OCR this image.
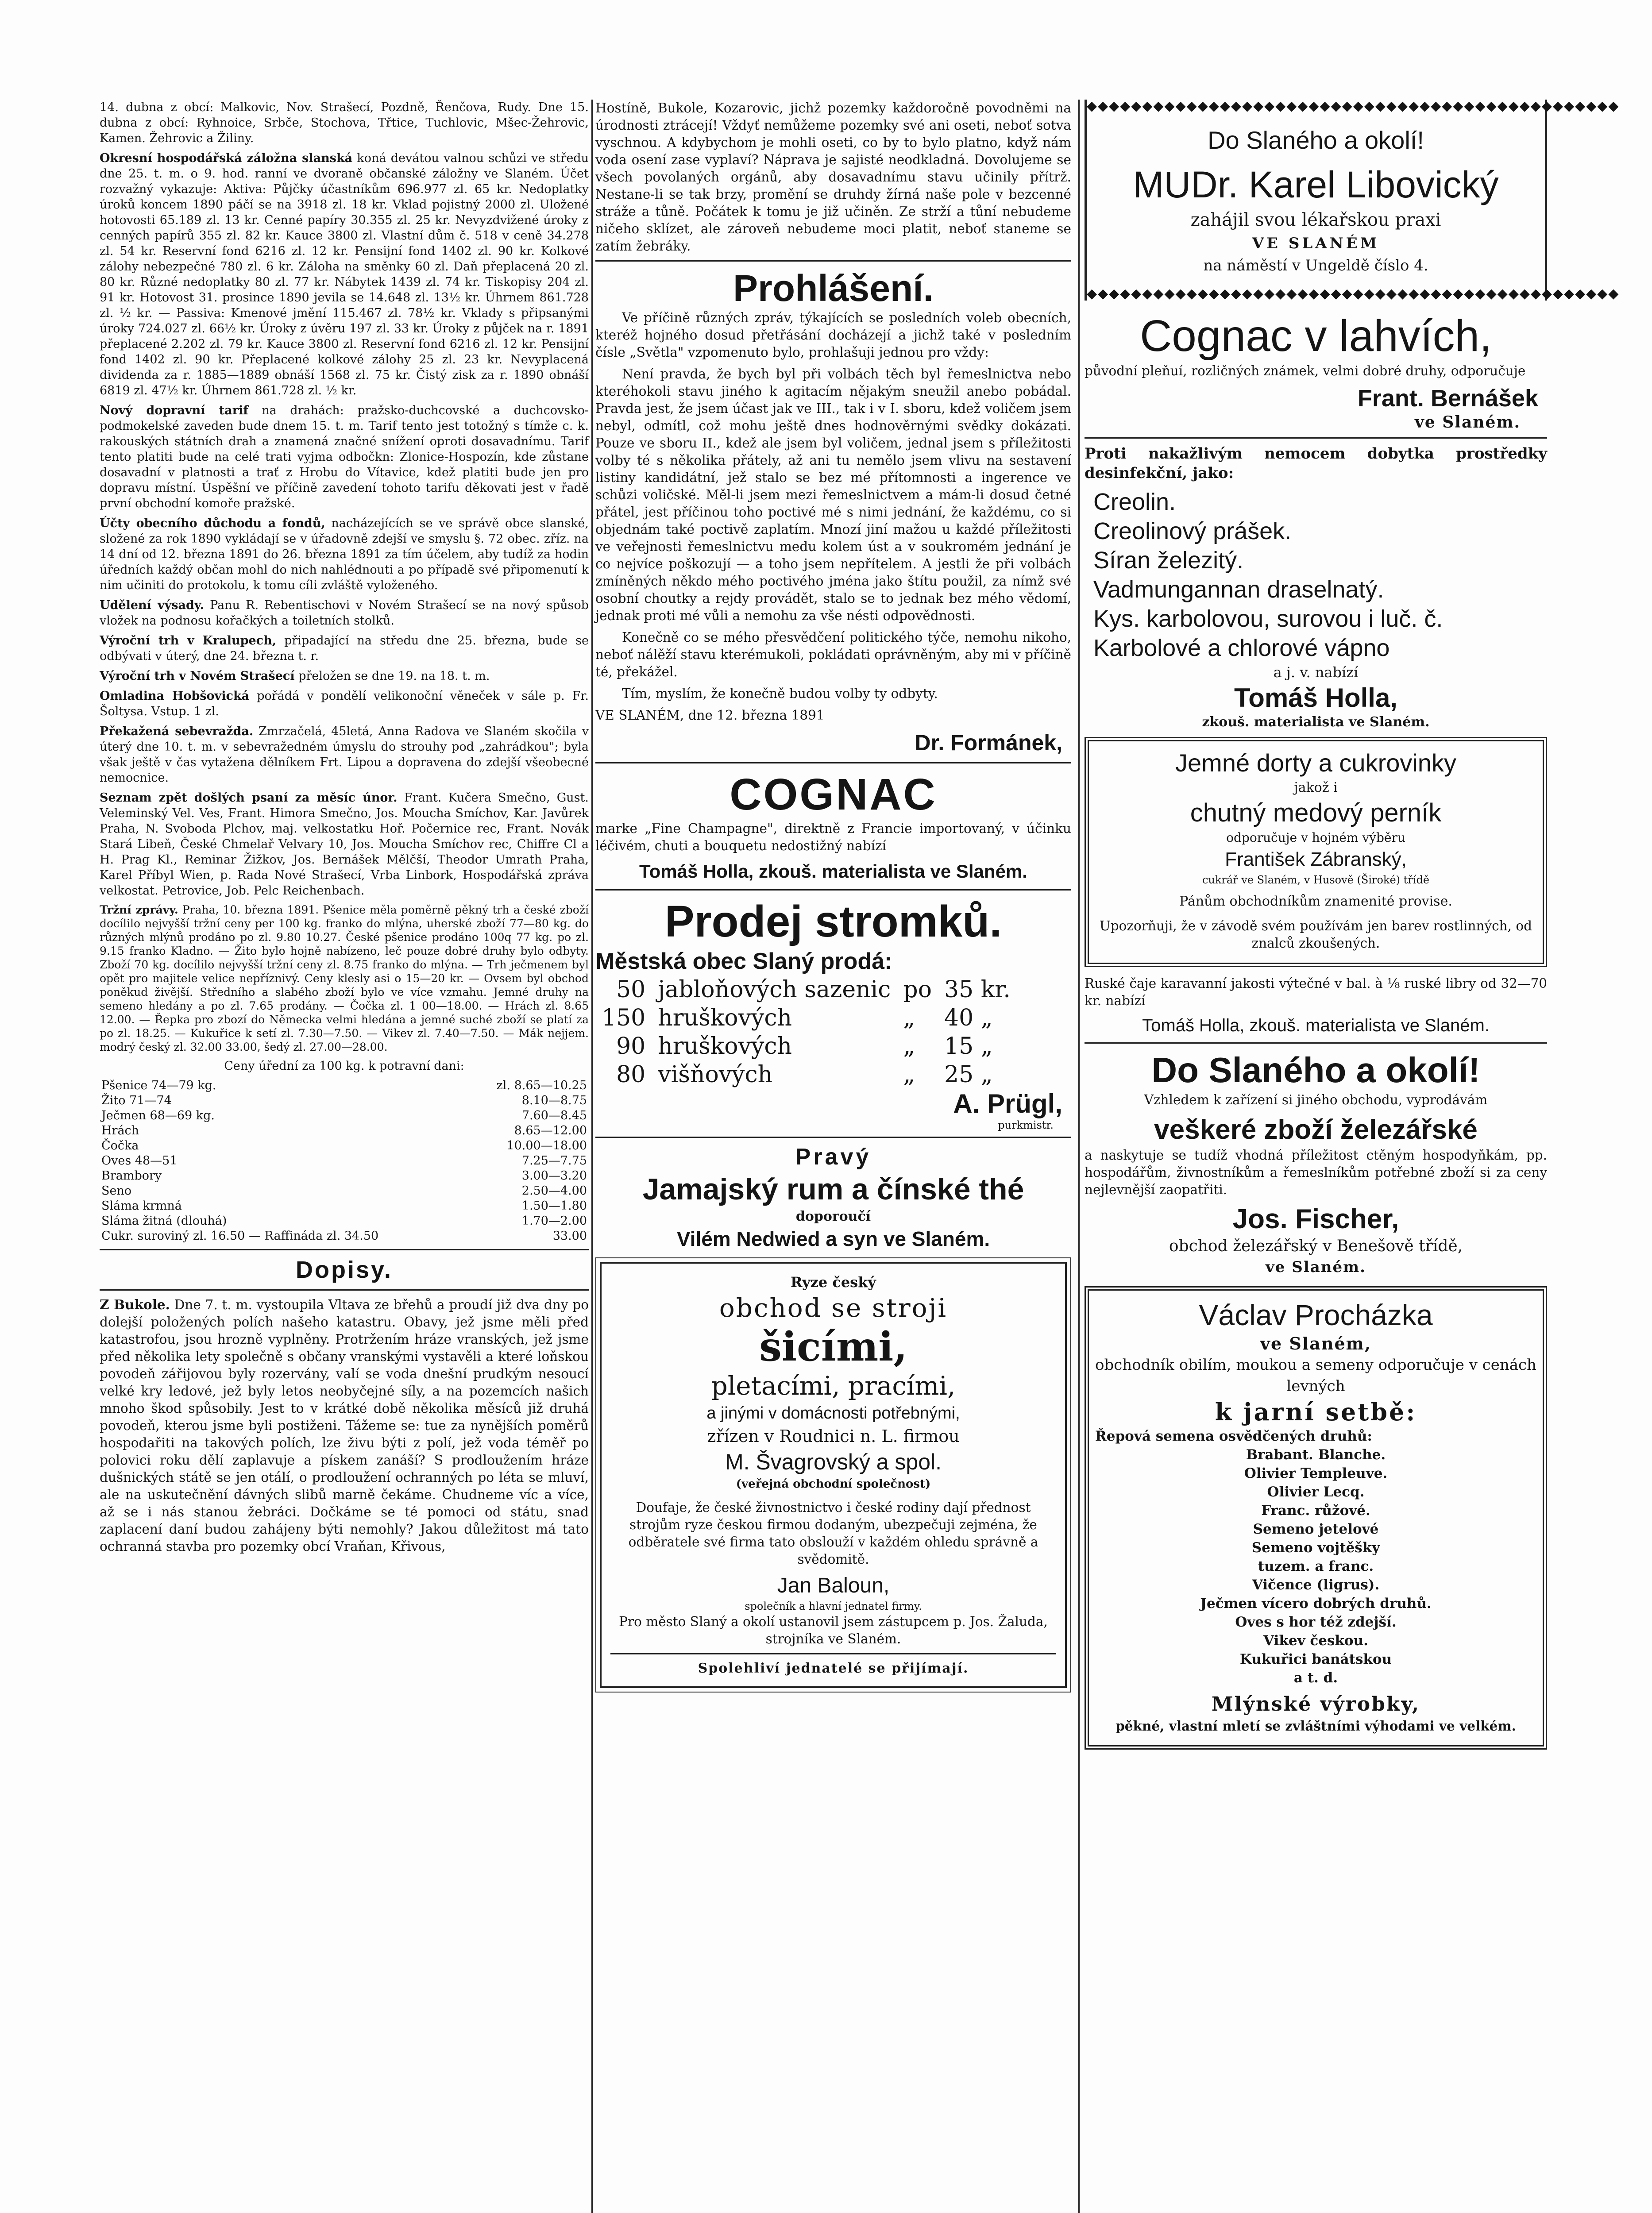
14. dubna z obcí: Malkovic, Nov. Strašecí, Pozdně, Řenčova, Rudy. Dne 15. dubna z obcí: Ryhnoice, Srbče, Stochova, Třtice, Tuchlovic, Mšec-Žehrovic, Kamen. Žehrovic a Žiliny.

Okresní hospodářská záložna slanská koná devátou valnou schůzi ve středu dne 25. t. m. o 9. hod. ranní ve dvoraně občanské záložny ve Slaném. Účet rozvažný vykazuje: Aktiva: Půjčky účastníkům 696.977 zl. 65 kr. Nedoplatky úroků koncem 1890 páčí se na 3918 zl. 18 kr. Vklad pojistný 2000 zl. Uložené hotovosti 65.189 zl. 13 kr. Cenné papíry 30.355 zl. 25 kr. Nevyzdvižené úroky z cenných papírů 355 zl. 82 kr. Kauce 3800 zl. Vlastní dům č. 518 v ceně 34.278 zl. 54 kr. Reservní fond 6216 zl. 12 kr. Pensijní fond 1402 zl. 90 kr. Kolkové zálohy nebezpečné 780 zl. 6 kr. Záloha na směnky 60 zl. Daň přeplacená 20 zl. 80 kr. Různé nedoplatky 80 zl. 77 kr. Nábytek 1439 zl. 74 kr. Tiskopisy 204 zl. 91 kr. Hotovost 31. prosince 1890 jevila se 14.648 zl. 13½ kr. Úhrnem 861.728 zl. ½ kr. — Passiva: Kmenové jmění 115.467 zl. 78½ kr. Vklady s připsanými úroky 724.027 zl. 66½ kr. Úroky z úvěru 197 zl. 33 kr. Úroky z půjček na r. 1891 přeplacené 2.202 zl. 79 kr. Kauce 3800 zl. Reservní fond 6216 zl. 12 kr. Pensijní fond 1402 zl. 90 kr. Přeplacené kolkové zálohy 25 zl. 23 kr. Nevyplacená dividenda za r. 1885—1889 obnáší 1568 zl. 75 kr. Čistý zisk za r. 1890 obnáší 6819 zl. 47½ kr. Úhrnem 861.728 zl. ½ kr.

Nový dopravní tarif na drahách: pražsko-duchcovské a duchcovsko-podmokelské zaveden bude dnem 15. t. m. Tarif tento jest totožný s tímže c. k. rakouských státních drah a znamená značné snížení oproti dosavadnímu. Tarif tento platiti bude na celé trati vyjma odbočkn: Zlonice-Hospozín, kde zůstane dosavadní v platnosti a trať z Hrobu do Vítavice, kdež platiti bude jen pro dopravu místní. Úspěšní ve příčině zavedení tohoto tarifu děkovati jest v řadě první obchodní komoře pražské.

Účty obecního důchodu a fondů, nacházejících se ve správě obce slanské, složené za rok 1890 vykládají se v úřadovně zdejší ve smyslu §. 72 obec. zříz. na 14 dní od 12. března 1891 do 26. března 1891 za tím účelem, aby tudíž za hodin úředních každý občan mohl do nich nahlédnouti a po případě své připomenutí k nim učiniti do protokolu, k tomu cíli zvláště vyloženého.

Udělení výsady. Panu R. Rebentischovi v Novém Strašecí se na nový spůsob vložek na podnosu kořačkých a toiletních stolků.

Výroční trh v Kralupech, připadající na středu dne 25. března, bude se odbývati v úterý, dne 24. března t. r.

Výroční trh v Novém Strašecí přeložen se dne 19. na 18. t. m.

Omladina Hobšovická pořádá v pondělí velikonoční věneček v sále p. Fr. Šoltysa. Vstup. 1 zl.

Překažená sebevražda. Zmrzačelá, 45letá, Anna Radova ve Slaném skočila v úterý dne 10. t. m. v sebevražedném úmyslu do strouhy pod „zahrádkou"; byla však ještě v čas vytažena dělníkem Frt. Lipou a dopravena do zdejší všeobecné nemocnice.

Seznam zpět došlých psaní za měsíc únor. Frant. Kučera Smečno, Gust. Veleminský Vel. Ves, Frant. Himora Smečno, Jos. Moucha Smíchov, Kar. Javůrek Praha, N. Svoboda Plchov, maj. velkostatku Hoř. Počernice rec, Frant. Novák Stará Libeň, České Chmelař Velvary 10, Jos. Moucha Smíchov rec, Chiffre Cl a H. Prag Kl., Reminar Žižkov, Jos. Bernášek Mělčší, Theodor Umrath Praha, Karel Příbyl Wien, p. Rada Nové Strašecí, Vrba Linbork, Hospodářská zpráva velkostat. Petrovice, Job. Pelc Reichenbach.

Tržní zprávy. Praha, 10. března 1891. Pšenice měla poměrně pěkný trh a české zboží docílilo nejvyšší tržní ceny per 100 kg. franko do mlýna, uherské zboží 77—80 kg. do různých mlýnů prodáno po zl. 9.80 10.27. České pšenice prodáno 100q 77 kg. po zl. 9.15 franko Kladno. — Žito bylo hojně nabízeno, leč pouze dobré druhy bylo odbyty. Zboží 70 kg. docílilo nejvyšší tržní ceny zl. 8.75 franko do mlýna. — Trh ječmenem byl opět pro majitele velice nepříznivý. Ceny klesly asi o 15—20 kr. — Ovsem byl obchod poněkud živější. Středního a slabého zboží bylo ve více vzmahu. Jemné druhy na semeno hledány a po zl. 7.65 prodány. — Čočka zl. 1 00—18.00. — Hrách zl. 8.65 12.00. — Řepka pro zbozí do Německa velmi hledána a jemné suché zboží se platí za po zl. 18.25. — Kukuřice k setí zl. 7.30—7.50. — Vikev zl. 7.40—7.50. — Mák nejjem. modrý český zl. 32.00 33.00, šedý zl. 27.00—28.00.

Ceny úřední za 100 kg. k potravní dani:

Pšenice 74—79 kg.	zl. 8.65—10.25
Žito 71—74	8.10—8.75
Ječmen 68—69 kg.	7.60—8.45
Hrách	8.65—12.00
Čočka	10.00—18.00
Oves 48—51	7.25—7.75
Brambory	3.00—3.20
Seno	2.50—4.00
Sláma krmná	1.50—1.80
Sláma žitná (dlouhá)	1.70—2.00
Cukr. suroviný zl. 16.50 — Raffináda zl. 34.50	33.00
Dopisy.

Z Bukole. Dne 7. t. m. vystoupila Vltava ze břehů a proudí již dva dny po dolejší položených polích našeho katastru. Obavy, jež jsme měli před katastrofou, jsou hrozně vyplněny. Protržením hráze vranských, jež jsme před několika lety společně s občany vranskými vystavěli a které loňskou povodeň zářijovou byly rozervány, valí se voda dnešní prudkým nesoucí velké kry ledové, jež byly letos neobyčejné síly, a na pozemcích našich mnoho škod spůsobily. Jest to v krátké době několika měsíců již druhá povodeň, kterou jsme byli postiženi. Tážeme se: tue za nynějších poměrů hospodařiti na takových polích, lze živu býti z polí, jež voda téměř po polovici roku dělí zaplavuje a pískem zanáší? S prodloužením hráze dušnických státě se jen otálí, o prodloužení ochranných po léta se mluví, ale na uskutečnění dávných slibů marně čekáme. Chudneme víc a více, až se i nás stanou žebráci. Dočkáme se té pomoci od státu, snad zaplacení daní budou zahájeny býti nemohly? Jakou důležitost má tato ochranná stavba pro pozemky obcí Vraňan, Křivous,

Hostíně, Bukole, Kozarovic, jichž pozemky každoročně povodněmi na úrodnosti ztrácejí! Vždyť nemůžeme pozemky své ani oseti, neboť sotva vyschnou. A kdybychom je mohli oseti, co by to bylo platno, když nám voda osení zase vyplaví? Náprava je sajisté neodkladná. Dovolujeme se všech povolaných orgánů, aby dosavadnímu stavu učinily přítrž. Nestane-li se tak brzy, promění se druhdy žírná naše pole v bezcenné stráže a tůně. Počátek k tomu je již učiněn. Ze strží a tůní nebudeme ničeho sklízet, ale zároveň nebudeme moci platit, neboť staneme se zatím žebráky.

Prohlášení.

Ve příčině různých zpráv, týkajících se posledních voleb obecních, kteréž hojného dosud přetřásání docházejí a jichž také v posledním čísle „Světla" vzpomenuto bylo, prohlašuji jednou pro vždy:

Není pravda, že bych byl při volbách těch byl řemeslnictva nebo kteréhokoli stavu jiného k agitacím nějakým sneužil anebo pobádal. Pravda jest, že jsem účast jak ve III., tak i v I. sboru, kdež voličem jsem nebyl, odmítl, což mohu ještě dnes hodnověrnými svědky dokázati. Pouze ve sboru II., kdež ale jsem byl voličem, jednal jsem s příležitosti volby té s několika přátely, až ani tu nemělo jsem vlivu na sestavení listiny kandidátní, jež stalo se bez mé přítomnosti a ingerence ve schůzi voličské. Měl-li jsem mezi řemeslnictvem a mám-li dosud četné přátel, jest příčinou toho poctivé mé s nimi jednání, že každému, co si objednám také poctivě zaplatím. Mnozí jiní mažou u každé příležitosti ve veřejnosti řemeslnictvu medu kolem úst a v soukromém jednání je co nejvíce poškozují — a toho jsem nepřítelem. A jestli že při volbách zmíněných někdo mého poctivého jména jako štítu použil, za nímž své osobní choutky a rejdy provádět, stalo se to jednak bez mého vědomí, jednak proti mé vůli a nemohu za vše nésti odpovědnosti.

Konečně co se mého přesvědčení politického týče, nemohu nikoho, neboť nálěží stavu kterémukoli, pokládati oprávněným, aby mi v příčině té, překážel.

Tím, myslím, že konečně budou volby ty odbyty.

VE SLANÉM, dne 12. března 1891

Dr. Formánek,
COGNAC

marke „Fine Champagne", direktně z Francie importovaný, v účinku léčivém, chuti a bouquetu nedostižný nabízí

Tomáš Holla, zkouš. materialista ve Slaném.
Prodej stromků.
Městská obec Slaný prodá:
50	jabloňových sazenic	po	35 kr.
150	hruškových	„	40 „
90	hruškových	„	15 „
80	višňových	„	25 „
A. Prügl,
purkmistr.
Pravý
Jamajský rum a čínské thé
doporoučí
Vilém Nedwied a syn ve Slaném.
Ryze český
obchod se stroji
šicími,
pletacími, pracími,
a jinými v domácnosti potřebnými,
zřízen v Roudnici n. L. firmou
M. Švagrovský a spol.
(veřejná obchodní společnost)

Doufaje, že české živnostnictvo i české rodiny dají přednost strojům ryze českou firmou dodaným, ubezpečuji zejména, že odběratele své firma tato obslouží v každém ohledu správně a svědomitě.

Jan Baloun,
společník a hlavní jednatel firmy.

Pro město Slaný a okolí ustanovil jsem zástupcem p. Jos. Žaluda, strojníka ve Slaném.

Spolehliví jednatelé se přijímají.
◆◆◆◆◆◆◆◆◆◆◆◆◆◆◆◆◆◆◆◆◆◆◆◆◆◆◆◆◆◆◆◆◆◆◆◆◆◆◆◆◆◆◆◆◆◆◆◆
Do Slaného a okolí!
MUDr. Karel Libovický
zahájil svou lékařskou praxi
VE SLANÉM
na náměstí v Ungeldě číslo 4.
◆◆◆◆◆◆◆◆◆◆◆◆◆◆◆◆◆◆◆◆◆◆◆◆◆◆◆◆◆◆◆◆◆◆◆◆◆◆◆◆◆◆◆◆◆◆◆◆
Cognac v lahvích,

původní pleňuí, rozličných známek, velmi dobré druhy, odporučuje

Frant. Bernášek
ve Slaném.

Proti nakažlivým nemocem dobytka prostředky desinfekční, jako:

Creolin.
Creolinový prášek.
Síran železitý.
Vadmungannan draselnatý.
Kys. karbolovou, surovou i luč. č.
Karbolové a chlorové vápno
a j. v. nabízí
Tomáš Holla,
zkouš. materialista ve Slaném.
Jemné dorty a cukrovinky
jakož i
chutný medový perník
odporučuje v hojném výběru
František Zábranský,
cukrář ve Slaném, v Husově (Široké) třídě
Pánům obchodníkům znamenité provise.

Upozorňuji, že v závodě svém používám jen barev rostlinných, od znalců zkoušených.

Ruské čaje karavanní jakosti výtečné v bal. à ⅛ ruské libry od 32—70 kr. nabízí

Tomáš Holla, zkouš. materialista ve Slaném.
Do Slaného a okolí!

Vzhledem k zařízení si jiného obchodu, vyprodávám

veškeré zboží železářské

a naskytuje se tudíž vhodná příležitost ctěným hospodyňkám, pp. hospodářům, živnostníkům a řemeslníkům potřebné zboží si za ceny nejlevnější zaopatřiti.

Jos. Fischer,
obchod železářský v Benešově třídě,
ve Slaném.
Václav Procházka
ve Slaném,
obchodník obilím, moukou a semeny odporučuje v cenách levných
k jarní setbě:
Řepová semena osvědčených druhů:
Brabant. Blanche.
Olivier Templeuve.
Olivier Lecq.
Franc. růžové.
Semeno jetelové
Semeno vojtěšky
tuzem. a franc.
Vičence (ligrus).
Ječmen vícero dobrých druhů.
Oves s hor též zdejší.
Vikev českou.
Kukuřici banátskou
a t. d.
Mlýnské výrobky,

pěkné, vlastní mletí se zvláštními výhodami ve velkém.
